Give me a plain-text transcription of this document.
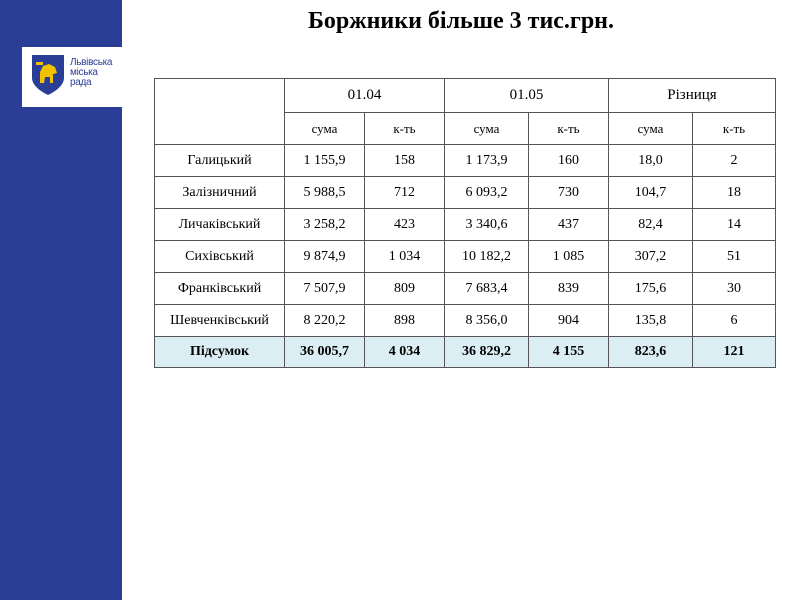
Львівська
міська
рада
Боржники більше 3 тис.грн.
	01.04		01.05		Різниця	
	сума	к-ть	сума	к-ть	сума	к-ть
Галицький	1 155,9	158	1 173,9	160	18,0	2
Залізничний	5 988,5	712	6 093,2	730	104,7	18
Личаківський	3 258,2	423	3 340,6	437	82,4	14
Сихівський	9 874,9	1 034	10 182,2	1 085	307,2	51
Франківський	7 507,9	809	7 683,4	839	175,6	30
Шевченківський	8 220,2	898	8 356,0	904	135,8	6
Підсумок	36 005,7	4 034	36 829,2	4 155	823,6	121
